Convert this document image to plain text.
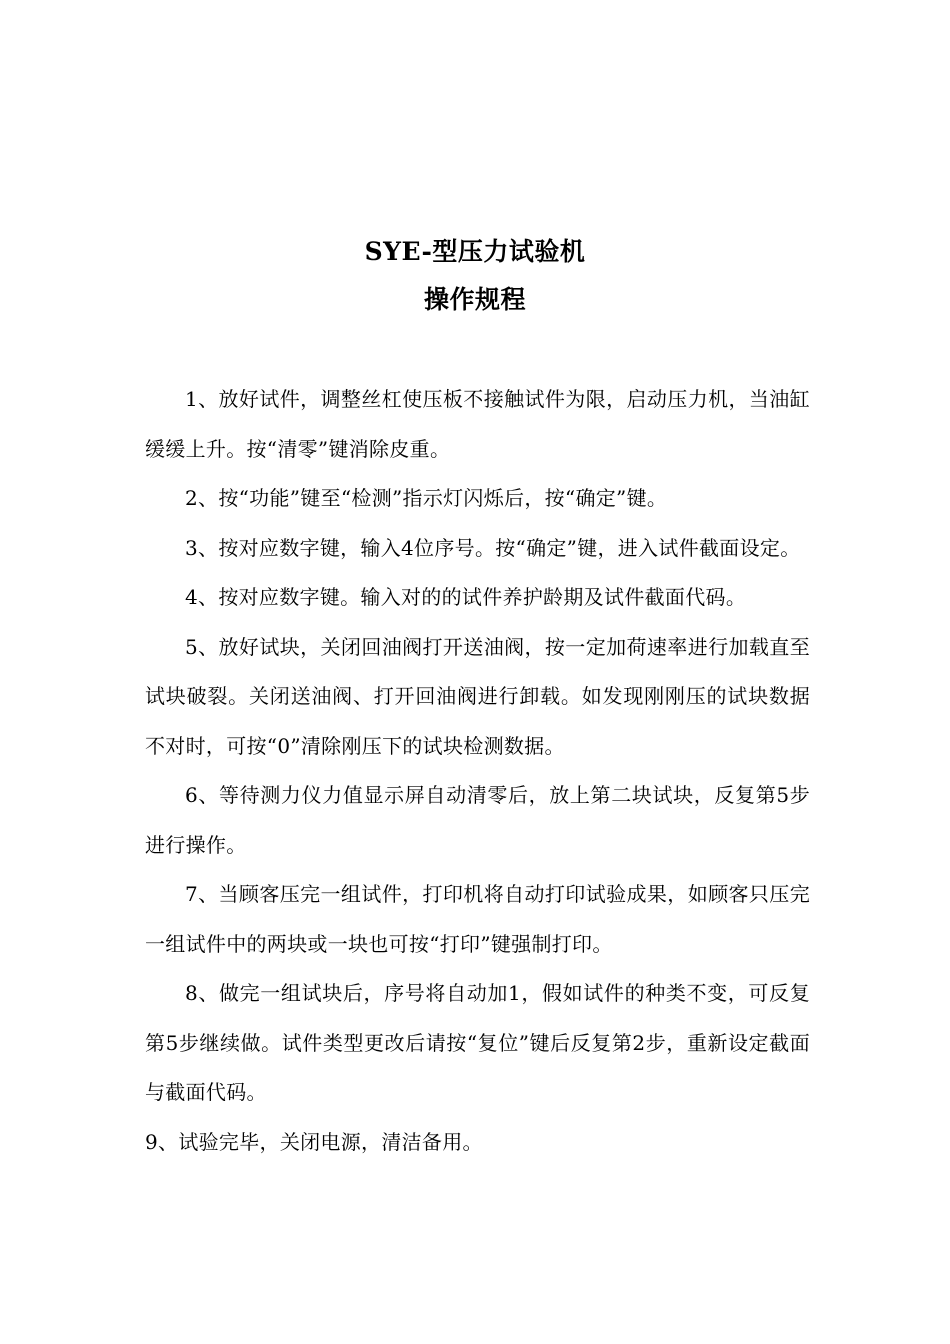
SYE-型压力试验机
操作规程

1、放好试件，调整丝杠使压板不接触试件为限，启动压力机，当油缸缓缓上升。按“清零”键消除皮重。

2、按“功能”键至“检测”指示灯闪烁后，按“确定”键。

3、按对应数字键，输入4位序号。按“确定”键，进入试件截面设定。

4、按对应数字键。输入对的的试件养护龄期及试件截面代码。

5、放好试块，关闭回油阀打开送油阀，按一定加荷速率进行加载直至试块破裂。关闭送油阀、打开回油阀进行卸载。如发现刚刚压的试块数据不对时，可按“0”清除刚压下的试块检测数据。

6、等待测力仪力值显示屏自动清零后，放上第二块试块，反复第5步进行操作。

7、当顾客压完一组试件，打印机将自动打印试验成果，如顾客只压完一组试件中的两块或一块也可按“打印”键强制打印。

8、做完一组试块后，序号将自动加1，假如试件的种类不变，可反复第5步继续做。试件类型更改后请按“复位”键后反复第2步，重新设定截面与截面代码。

9、试验完毕，关闭电源，清洁备用。
